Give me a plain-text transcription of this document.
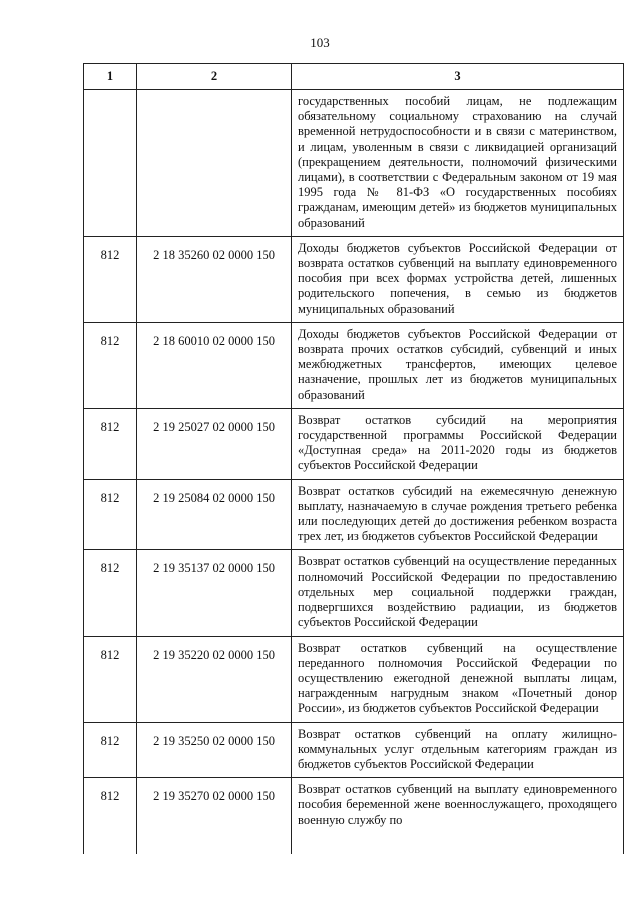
103
1	2	3
		государственных пособий лицам, не подлежащим обязательному социальному страхованию на случай временной нетрудоспособности и в связи с материнством, и лицам, уволенным в связи с ликвидацией организаций (прекращением деятельности, полномочий физическими лицами), в соответствии с Федеральным законом от 19 мая 1995 года № 81-ФЗ «О государственных пособиях гражданам, имеющим детей» из бюджетов муниципальных образований
812	2 18 35260 02 0000 150	Доходы бюджетов субъектов Российской Федерации от возврата остатков субвенций на выплату единовременного пособия при всех формах устройства детей, лишенных родительского попечения, в семью из бюджетов муниципальных образований
812	2 18 60010 02 0000 150	Доходы бюджетов субъектов Российской Федерации от возврата прочих остатков субсидий, субвенций и иных межбюджетных трансфертов, имеющих целевое назначение, прошлых лет из бюджетов муниципальных образований
812	2 19 25027 02 0000 150	Возврат остатков субсидий на мероприятия государственной программы Российской Федерации «Доступная среда» на 2011-2020 годы из бюджетов субъектов Российской Федерации
812	2 19 25084 02 0000 150	Возврат остатков субсидий на ежемесячную денежную выплату, назначаемую в случае рождения третьего ребенка или последующих детей до достижения ребенком возраста трех лет, из бюджетов субъектов Российской Федерации
812	2 19 35137 02 0000 150	Возврат остатков субвенций на осуществление переданных полномочий Российской Федерации по предоставлению отдельных мер социальной поддержки граждан, подвергшихся воздействию радиации, из бюджетов субъектов Российской Федерации
812	2 19 35220 02 0000 150	Возврат остатков субвенций на осуществление переданного полномочия Российской Федерации по осуществлению ежегодной денежной выплаты лицам, награжденным нагрудным знаком «Почетный донор России», из бюджетов субъектов Российской Федерации
812	2 19 35250 02 0000 150	Возврат остатков субвенций на оплату жилищно-коммунальных услуг отдельным категориям граждан из бюджетов субъектов Российской Федерации
812	2 19 35270 02 0000 150	Возврат остатков субвенций на выплату единовременного пособия беременной жене военнослужащего, проходящего военную службу по
